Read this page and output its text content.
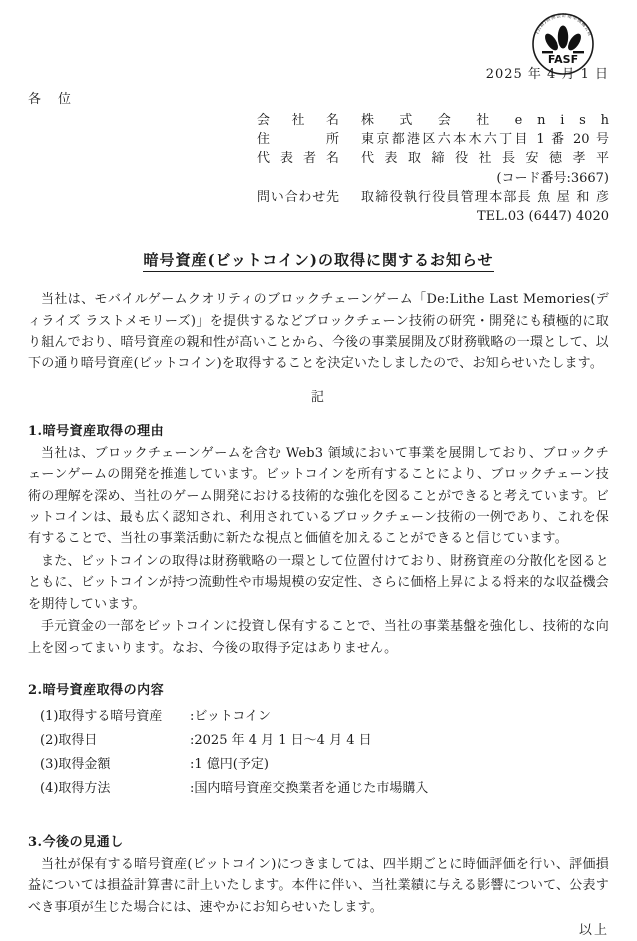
FASF
(公財)財務会計基準機構会員
2025 年 4 月 1 日
各　位
会社名 株 式 会 社 e n i s h
住所 東京都港区六本木六丁目 1 番 20 号
代表者名 代 表 取 締 役 社 長 安 徳 孝 平
(コード番号:3667)
問い合わせ先 取締役執行役員管理本部長 魚 屋 和 彦
TEL.03 (6447) 4020
暗号資産(ビットコイン)の取得に関するお知らせ

当社は、モバイルゲームクオリティのブロックチェーンゲーム「De:Lithe Last Memories(ディライズ ラストメモリーズ)」を提供するなどブロックチェーン技術の研究・開発にも積極的に取り組んでおり、暗号資産の親和性が高いことから、今後の事業展開及び財務戦略の一環として、以下の通り暗号資産(ビットコイン)を取得することを決定いたしましたので、お知らせいたします。

記
1.暗号資産取得の理由

当社は、ブロックチェーンゲームを含む Web3 領域において事業を展開しており、ブロックチェーンゲームの開発を推進しています。ビットコインを所有することにより、ブロックチェーン技術の理解を深め、当社のゲーム開発における技術的な強化を図ることができると考えています。ビットコインは、最も広く認知され、利用されているブロックチェーン技術の一例であり、これを保有することで、当社の事業活動に新たな視点と価値を加えることができると信じています。

また、ビットコインの取得は財務戦略の一環として位置付けており、財務資産の分散化を図るとともに、ビットコインが持つ流動性や市場規模の安定性、さらに価格上昇による将来的な収益機会を期待しています。

手元資金の一部をビットコインに投資し保有することで、当社の事業基盤を強化し、技術的な向上を図ってまいります。なお、今後の取得予定はありません。

2.暗号資産取得の内容
(1)取得する暗号資産	: ビットコイン
(2)取得日	: 2025 年 4 月 1 日〜4 月 4 日
(3)取得金額	: 1 億円(予定)
(4)取得方法	: 国内暗号資産交換業者を通じた市場購入
3.今後の見通し

当社が保有する暗号資産(ビットコイン)につきましては、四半期ごとに時価評価を行い、評価損益については損益計算書に計上いたします。本件に伴い、当社業績に与える影響について、公表すべき事項が生じた場合には、速やかにお知らせいたします。

以上
